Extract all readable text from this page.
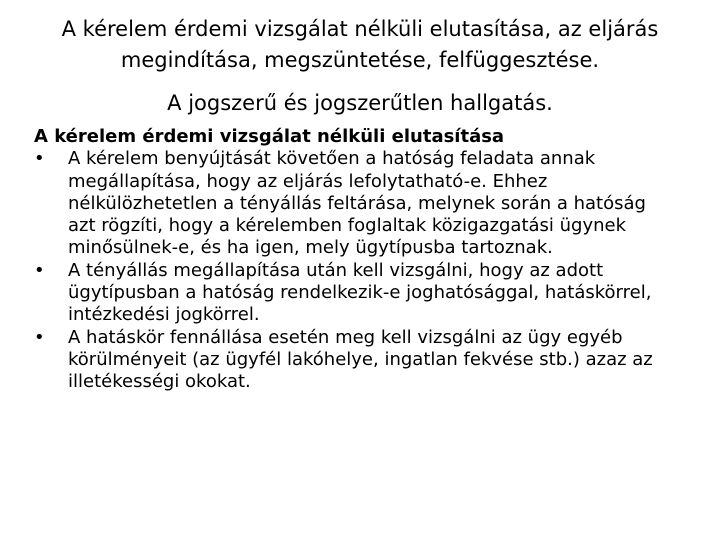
A kérelem érdemi vizsgálat nélküli elutasítása, az eljárás megindítása, megszüntetése, felfüggesztése.

A jogszerű és jogszerűtlen hallgatás.

A kérelem érdemi vizsgálat nélküli elutasítása

•	A kérelem benyújtását követően a hatóság feladata annak megállapítása, hogy az eljárás lefolytatható-e. Ehhez nélkülözhetetlen a tényállás feltárása, melynek során a hatóság azt rögzíti, hogy a kérelemben foglaltak közigazgatási ügynek minősülnek-e, és ha igen, mely ügytípusba tartoznak.
•	A tényállás megállapítása után kell vizsgálni, hogy az adott ügytípusban a hatóság rendelkezik-e joghatósággal, hatáskörrel, intézkedési jogkörrel.
•	A hatáskör fennállása esetén meg kell vizsgálni az ügy egyéb körülményeit (az ügyfél lakóhelye, ingatlan fekvése stb.) azaz az illetékességi okokat.
